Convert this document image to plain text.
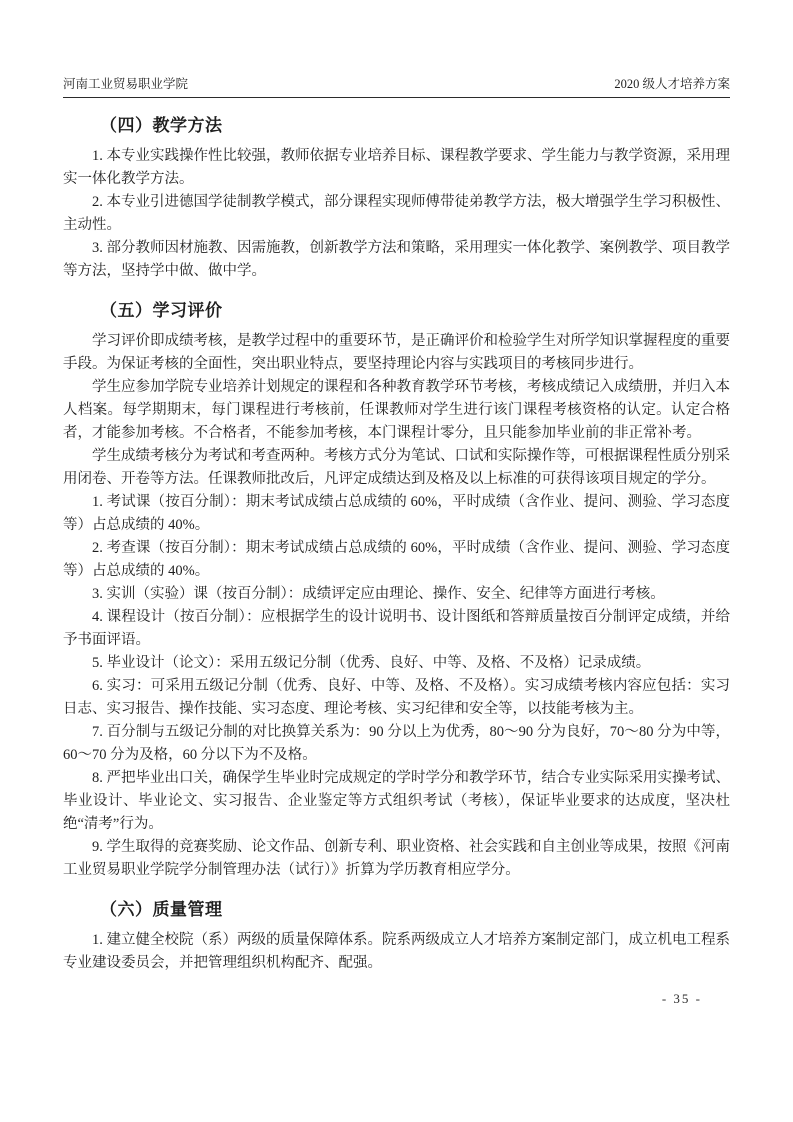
河南工业贸易职业学院	2020 级人才培养方案
（四）教学方法

1. 本专业实践操作性比较强，教师依据专业培养目标、课程教学要求、学生能力与教学资源，采用理实一体化教学方法。

2. 本专业引进德国学徒制教学模式，部分课程实现师傅带徒弟教学方法，极大增强学生学习积极性、主动性。

3. 部分教师因材施教、因需施教，创新教学方法和策略，采用理实一体化教学、案例教学、项目教学等方法，坚持学中做、做中学。

（五）学习评价

学习评价即成绩考核，是教学过程中的重要环节，是正确评价和检验学生对所学知识掌握程度的重要手段。为保证考核的全面性，突出职业特点，要坚持理论内容与实践项目的考核同步进行。

学生应参加学院专业培养计划规定的课程和各种教育教学环节考核，考核成绩记入成绩册，并归入本人档案。每学期期末，每门课程进行考核前，任课教师对学生进行该门课程考核资格的认定。认定合格者，才能参加考核。不合格者，不能参加考核，本门课程计零分，且只能参加毕业前的非正常补考。

学生成绩考核分为考试和考查两种。考核方式分为笔试、口试和实际操作等，可根据课程性质分别采用闭卷、开卷等方法。任课教师批改后，凡评定成绩达到及格及以上标准的可获得该项目规定的学分。

1. 考试课（按百分制）：期末考试成绩占总成绩的 60%，平时成绩（含作业、提问、测验、学习态度等）占总成绩的 40%。

2. 考查课（按百分制）：期末考试成绩占总成绩的 60%，平时成绩（含作业、提问、测验、学习态度等）占总成绩的 40%。

3. 实训（实验）课（按百分制）：成绩评定应由理论、操作、安全、纪律等方面进行考核。

4. 课程设计（按百分制）：应根据学生的设计说明书、设计图纸和答辩质量按百分制评定成绩，并给予书面评语。

5. 毕业设计（论文）：采用五级记分制（优秀、良好、中等、及格、不及格）记录成绩。

6. 实习：可采用五级记分制（优秀、良好、中等、及格、不及格）。实习成绩考核内容应包括：实习日志、实习报告、操作技能、实习态度、理论考核、实习纪律和安全等，以技能考核为主。

7. 百分制与五级记分制的对比换算关系为：90 分以上为优秀，80～90 分为良好，70～80 分为中等，60～70 分为及格，60 分以下为不及格。

8. 严把毕业出口关，确保学生毕业时完成规定的学时学分和教学环节，结合专业实际采用实操考试、毕业设计、毕业论文、实习报告、企业鉴定等方式组织考试（考核），保证毕业要求的达成度，坚决杜绝“清考”行为。

9. 学生取得的竞赛奖励、论文作品、创新专利、职业资格、社会实践和自主创业等成果，按照《河南工业贸易职业学院学分制管理办法（试行）》折算为学历教育相应学分。

（六）质量管理

1. 建立健全校院（系）两级的质量保障体系。院系两级成立人才培养方案制定部门，成立机电工程系专业建设委员会，并把管理组织机构配齐、配强。

- 35 -
